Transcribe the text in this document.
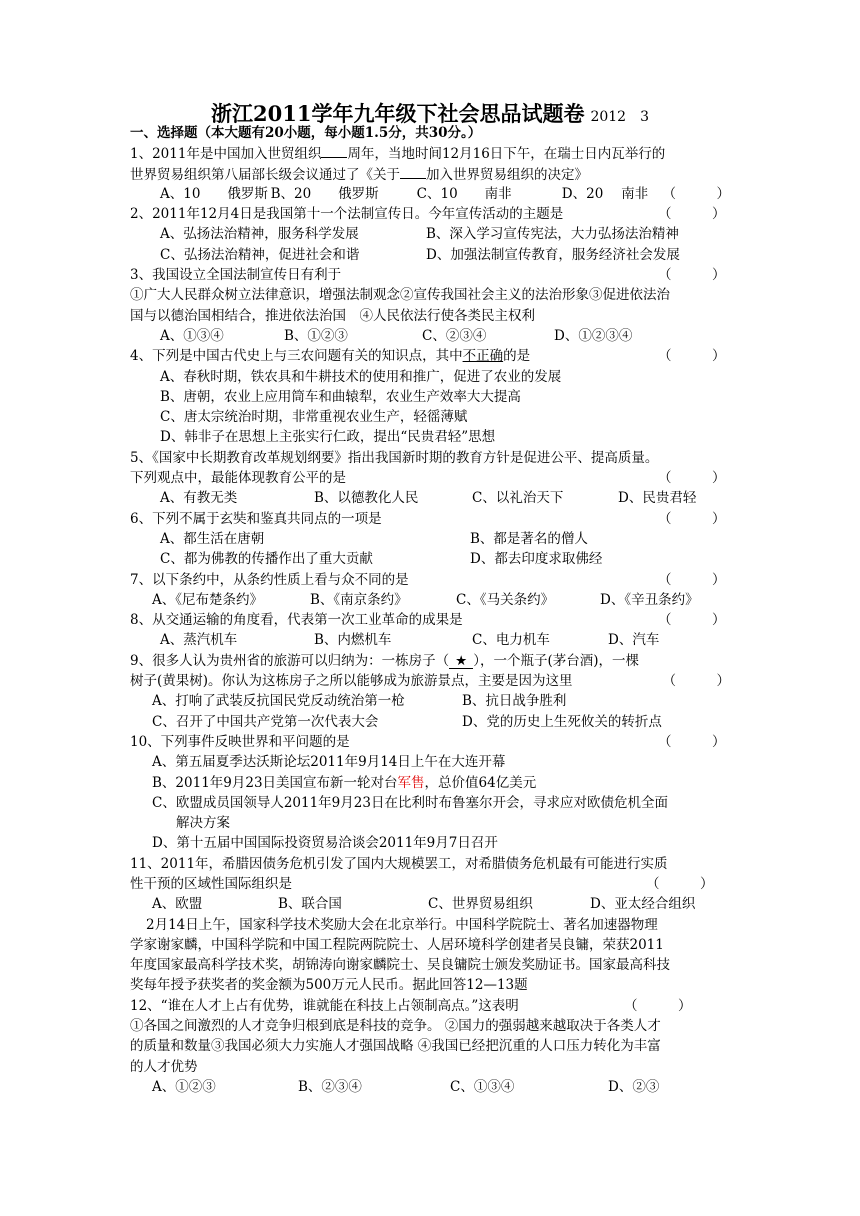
浙江2011学年九年级下社会思品试题卷 2012　3
一、选择题（本大题有20小题，每小题1.5分，共30分。）
1、2011年是中国加入世贸组织 周年，当地时间12月16日下午，在瑞士日内瓦举行的
世界贸易组织第八届部长级会议通过了《关于 加入世界贸易组织的决定》
A、10　　俄罗斯 B、20　　俄罗斯	C、10　　南非	D、20　 南非	（　　　）
2、2011年12月4日是我国第十一个法制宣传日。今年宣传活动的主题是	（　　　）
A、弘扬法治精神，服务科学发展	B、深入学习宣传宪法，大力弘扬法治精神
C、弘扬法治精神，促进社会和谐	D、加强法制宣传教育，服务经济社会发展
3、我国设立全国法制宣传日有利于	（　　　）
①广大人民群众树立法律意识，增强法制观念②宣传我国社会主义的法治形象③促进依法治
国与以德治国相结合，推进依法治国　④人民依法行使各类民主权利
A、①③④	B、①②③	C、②③④	D、①②③④
4、下列是中国古代史上与三农问题有关的知识点，其中不正确的是	（　　　）
A、春秋时期，铁农具和牛耕技术的使用和推广，促进了农业的发展
B、唐朝，农业上应用筒车和曲辕犁，农业生产效率大大提高
C、唐太宗统治时期，非常重视农业生产，轻徭薄赋
D、韩非子在思想上主张实行仁政，提出“民贵君轻”思想
5、《国家中长期教育改革规划纲要》指出我国新时期的教育方针是促进公平、提高质量。
下列观点中，最能体现教育公平的是	（　　　）
A、有教无类	B、以德教化人民	C、以礼治天下	D、民贵君轻
6、下列不属于玄奘和鉴真共同点的一项是	（　　　）
A、都生活在唐朝	B、都是著名的僧人
C、都为佛教的传播作出了重大贡献	D、都去印度求取佛经
7、以下条约中，从条约性质上看与众不同的是	（　　　）
A、《尼布楚条约》	B、《南京条约》	C、《马关条约》	D、《辛丑条约》
8、从交通运输的角度看，代表第一次工业革命的成果是	（　　　）
A、蒸汽机车	B、内燃机车	C、电力机车	D、汽车
9、很多人认为贵州省的旅游可以归纳为：一栋房子（ ★ ），一个瓶子(茅台酒)，一棵
树子(黄果树)。你认为这栋房子之所以能够成为旅游景点，主要是因为这里	（　　　）
A、打响了武装反抗国民党反动统治第一枪	B、抗日战争胜利
C、召开了中国共产党第一次代表大会	D、党的历史上生死攸关的转折点
10、下列事件反映世界和平问题的是	（　　　）
A、第五届夏季达沃斯论坛2011年9月14日上午在大连开幕
B、2011年9月23日美国宣布新一轮对台军售，总价值64亿美元
C、欧盟成员国领导人2011年9月23日在比利时布鲁塞尔开会，寻求应对欧债危机全面
解决方案
D、第十五届中国国际投资贸易洽谈会2011年9月7日召开
11、2011年，希腊因债务危机引发了国内大规模罢工，对希腊债务危机最有可能进行实质
性干预的区域性国际组织是	（　　　）
A、欧盟	B、联合国	C、世界贸易组织	D、亚太经合组织
2月14日上午，国家科学技术奖励大会在北京举行。中国科学院院士、著名加速器物理
学家谢家麟，中国科学院和中国工程院两院院士、人居环境科学创建者吴良镛，荣获2011
年度国家最高科学技术奖，胡锦涛向谢家麟院士、吴良镛院士颁发奖励证书。国家最高科技
奖每年授予获奖者的奖金额为500万元人民币。据此回答12—13题
12、“谁在人才上占有优势，谁就能在科技上占领制高点。”这表明	（　　　）
①各国之间激烈的人才竞争归根到底是科技的竞争。 ②国力的强弱越来越取决于各类人才
的质量和数量③我国必须大力实施人才强国战略 ④我国已经把沉重的人口压力转化为丰富
的人才优势
A、①②③	B、②③④	C、①③④	D、②③
